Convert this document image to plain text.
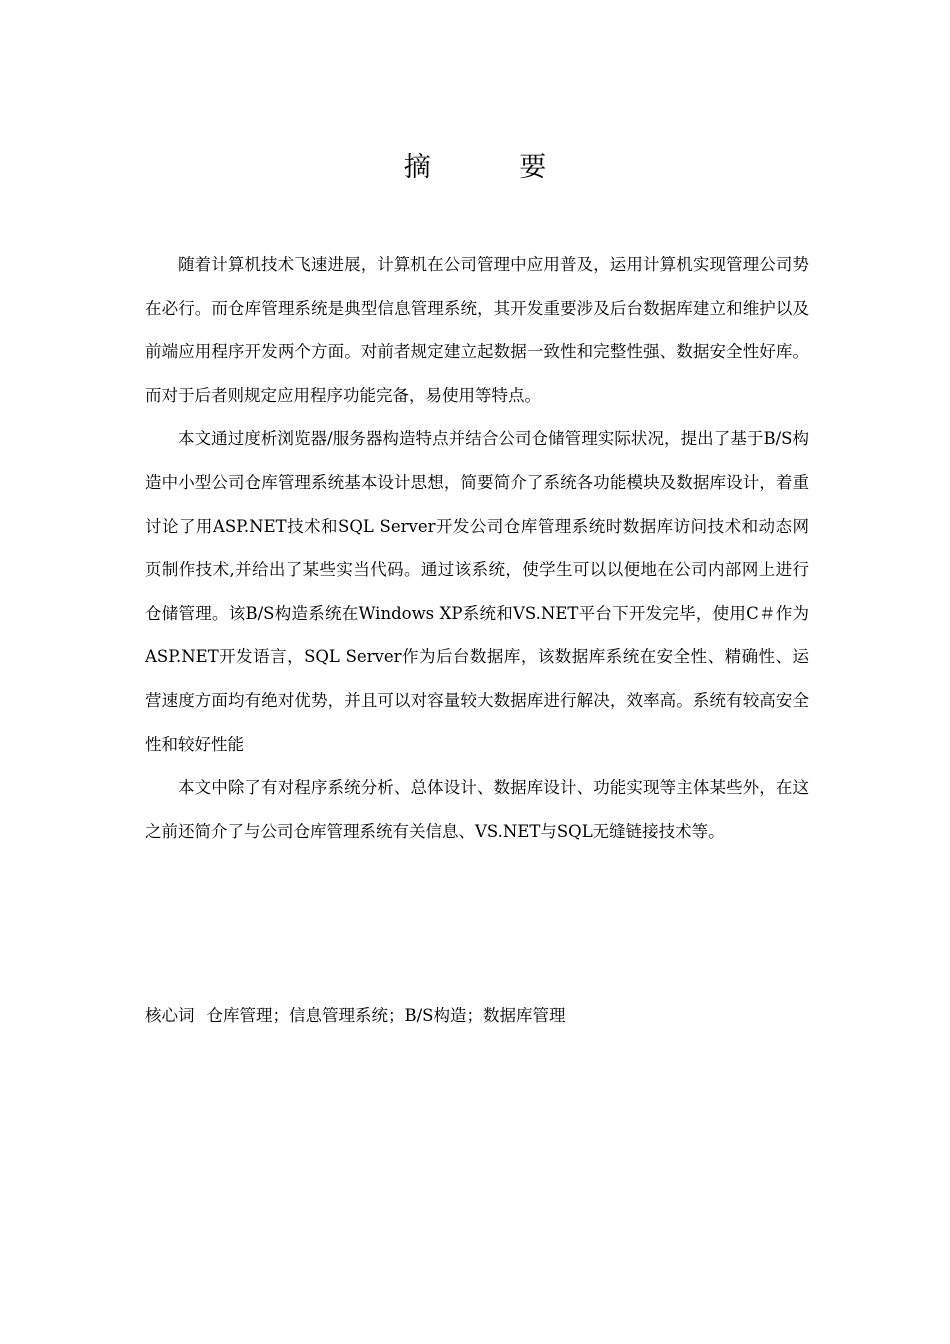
摘 要

随着计算机技术飞速进展，计算机在公司管理中应用普及，运用计算机实现管理公司势在必行。而仓库管理系统是典型信息管理系统，其开发重要涉及后台数据库建立和维护以及前端应用程序开发两个方面。对前者规定建立起数据一致性和完整性强、数据安全性好库。而对于后者则规定应用程序功能完备，易使用等特点。

本文通过度析浏览器/服务器构造特点并结合公司仓储管理实际状况，提出了基于B/S构造中小型公司仓库管理系统基本设计思想，简要简介了系统各功能模块及数据库设计，着重讨论了用ASP.NET技术和SQL Server开发公司仓库管理系统时数据库访问技术和动态网页制作技术,并给出了某些实当代码。通过该系统，使学生可以以便地在公司内部网上进行仓储管理。该B/S构造系统在Windows XP系统和VS.NET平台下开发完毕，使用C＃作为ASP.NET开发语言，SQL Server作为后台数据库，该数据库系统在安全性、精确性、运营速度方面均有绝对优势，并且可以对容量较大数据库进行解决，效率高。系统有较高安全性和较好性能

本文中除了有对程序系统分析、总体设计、数据库设计、功能实现等主体某些外，在这之前还简介了与公司仓库管理系统有关信息、VS.NET与SQL无缝链接技术等。

核心词 仓库管理；信息管理系统；B/S构造；数据库管理
